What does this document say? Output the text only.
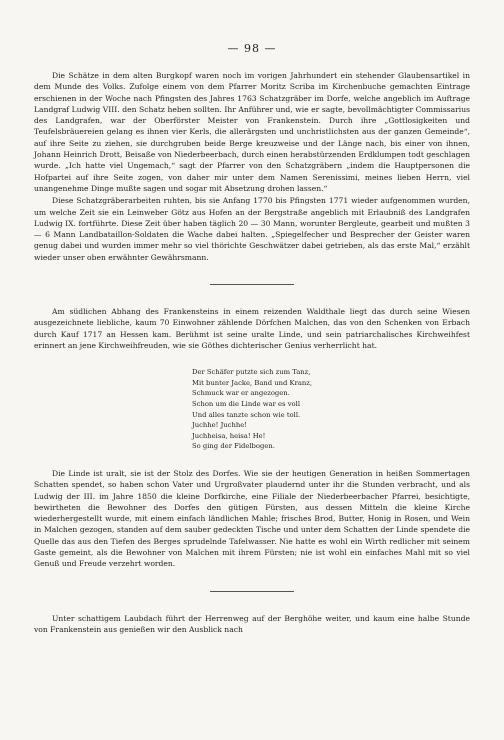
— 98 —

Die Schätze in dem alten Burgkopf waren noch im vorigen Jahrhundert ein stehender Glaubensartikel in dem Munde des Volks. Zufolge einem von dem Pfarrer Moritz Scriba im Kirchenbuche gemachten Eintrage erschienen in der Woche nach Pfingsten des Jahres 1763 Schatzgräber im Dorfe, welche angeblich im Auftrage Landgraf Ludwig VIII. den Schatz heben sollten. Ihr Anführer und, wie er sagte, bevollmächtigter Commissarius des Landgrafen, war der Oberförster Meister von Frankenstein. Durch ihre „Gottlosigkeiten und Teufelsbräuereien gelang es ihnen vier Kerls, die allerärgsten und unchristlichsten aus der ganzen Gemeinde“, auf ihre Seite zu ziehen, sie durchgruben beide Berge kreuzweise und der Länge nach, bis einer von ihnen, Johann Heinrich Drott, Beisaße von Niederbeerbach, durch einen herabstürzenden Erdklumpen todt geschlagen wurde. „Ich hatte viel Ungemach,“ sagt der Pfarrer von den Schatzgräbern „indem die Hauptpersonen die Hofpartei auf ihre Seite zogen, von daher mir unter dem Namen Serenissimi, meines lieben Herrn, viel unangenehme Dinge mußte sagen und sogar mit Absetzung drohen lassen.“

Diese Schatzgräberarbeiten ruhten, bis sie Anfang 1770 bis Pfingsten 1771 wieder aufgenommen wurden, um welche Zeit sie ein Leinweber Götz aus Hofen an der Bergstraße angeblich mit Erlaubniß des Landgrafen Ludwig IX. fortführte. Diese Zeit über haben täglich 20 — 30 Mann, worunter Bergleute, gearbeit und mußten 3 — 6 Mann Landbataillon-Soldaten die Wache dabei halten. „Spiegelfecher und Besprecher der Geister waren genug dabei und wurden immer mehr so viel thörichte Geschwätzer dabei getrieben, als das erste Mal,“ erzählt wieder unser oben erwähnter Gewährsmann.

Am südlichen Abhang des Frankensteins in einem reizenden Waldthale liegt das durch seine Wiesen ausgezeichnete liebliche, kaum 70 Einwohner zählende Dörfchen Malchen, das von den Schenken von Erbach durch Kauf 1717 an Hessen kam. Berühmt ist seine uralte Linde, und sein patriarchalisches Kirchweihfest erinnert an jene Kirchweihfreuden, wie sie Göthes dichterischer Genius verherrlicht hat.

Der Schäfer putzte sich zum Tanz,
Mit bunter Jacke, Band und Kranz,
Schmuck war er angezogen.
Schon um die Linde war es voll
Und alles tanzte schon wie toll.
Juchhe! Juchhe!
Juchheisa, heisa! He!
So ging der Fidelbogen.

Die Linde ist uralt, sie ist der Stolz des Dorfes. Wie sie der heutigen Generation in heißen Sommertagen Schatten spendet, so haben schon Vater und Urgroßvater plaudernd unter ihr die Stunden verbracht, und als Ludwig der III. im Jahre 1850 die kleine Dorfkirche, eine Filiale der Niederbeerbacher Pfarrei, besichtigte, bewirtheten die Bewohner des Dorfes den gütigen Fürsten, aus dessen Mitteln die kleine Kirche wiederhergestellt wurde, mit einem einfach ländlichen Mahle; frisches Brod, Butter, Honig in Rosen, und Wein in Malchen gezogen, standen auf dem sauber gedeckten Tische und unter dem Schatten der Linde spendete die Quelle das aus den Tiefen des Berges sprudelnde Tafelwasser. Nie hatte es wohl ein Wirth redlicher mit seinem Gaste gemeint, als die Bewohner von Malchen mit ihrem Fürsten; nie ist wohl ein einfaches Mahl mit so viel Genuß und Freude verzehrt worden.

Unter schattigem Laubdach führt der Herrenweg auf der Berghöhe weiter, und kaum eine halbe Stunde von Frankenstein aus genießen wir den Ausblick nach
